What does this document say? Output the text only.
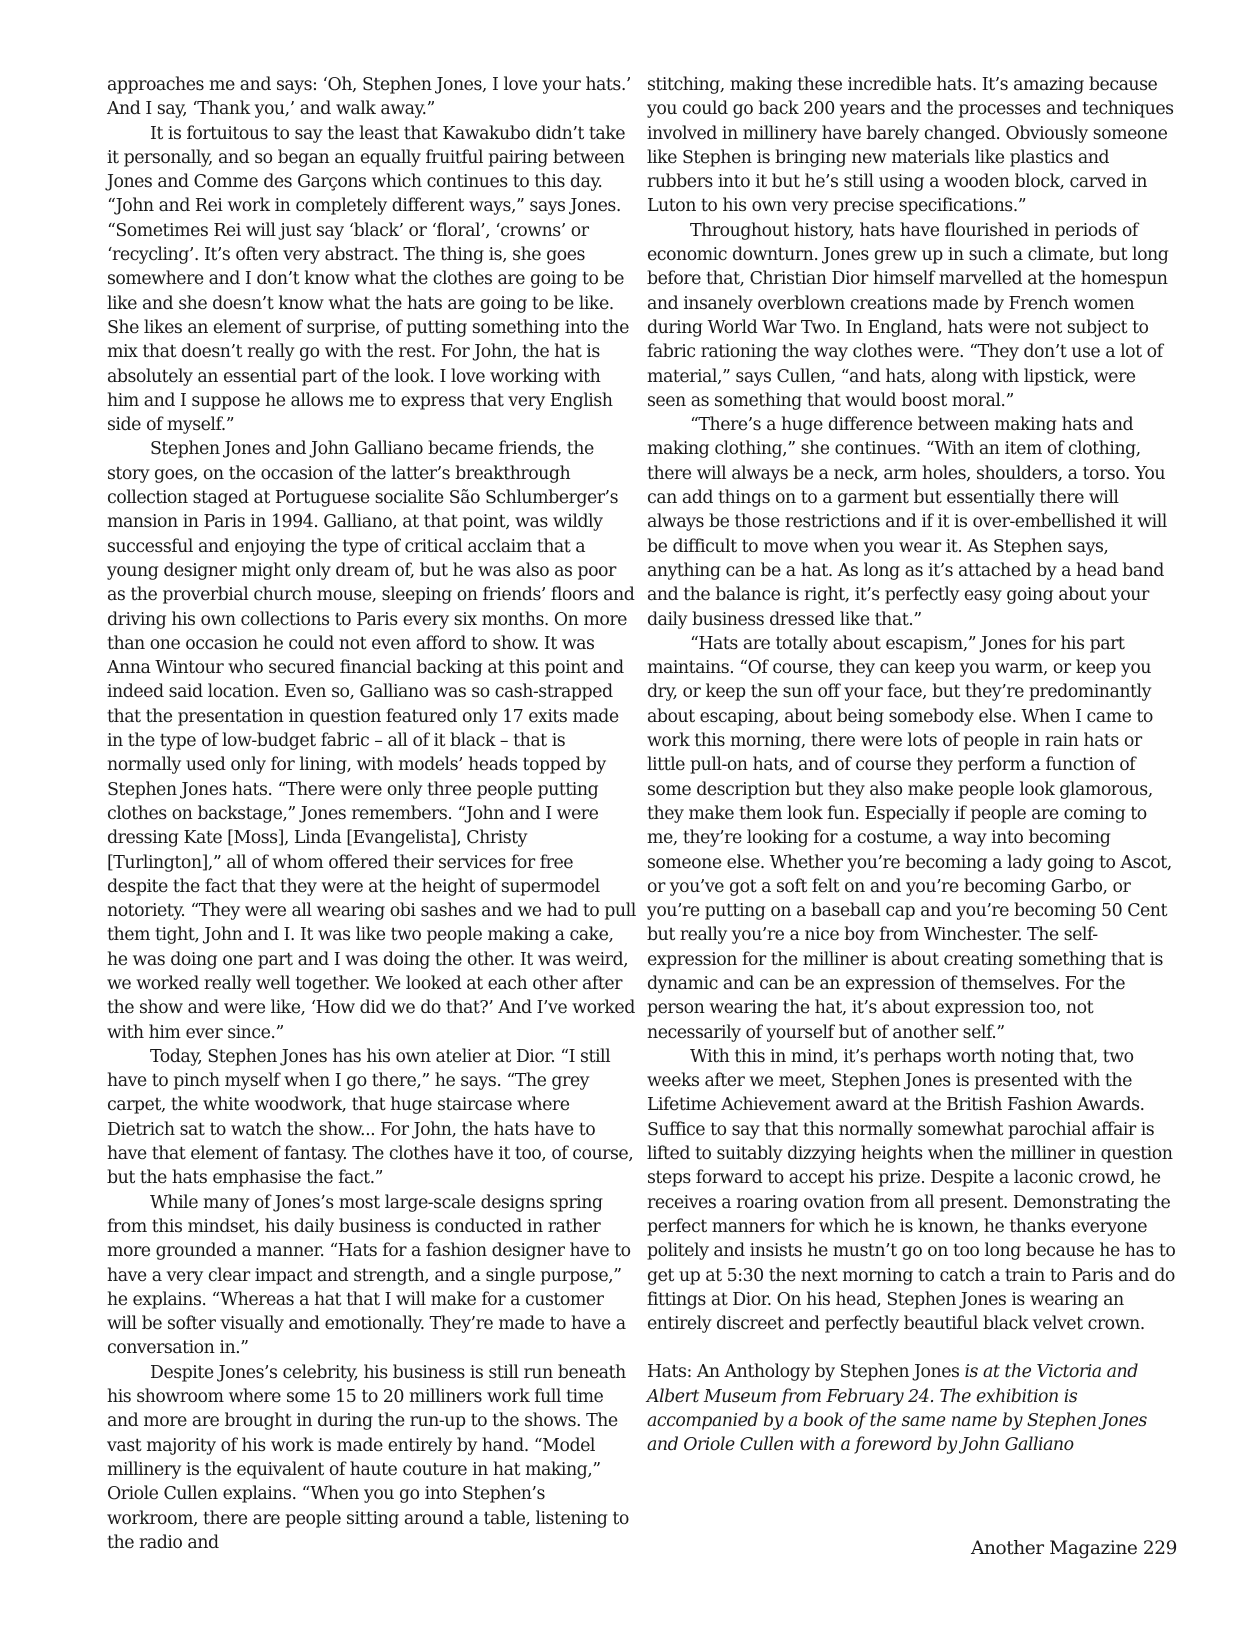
approaches me and says: ‘Oh, Stephen Jones, I love your hats.’ And I say, ‘Thank you,’ and walk away.”

It is fortuitous to say the least that Kawakubo didn’t take it personally, and so began an equally fruitful pairing between Jones and Comme des Garçons which continues to this day. “John and Rei work in completely different ways,” says Jones. “Sometimes Rei will just say ‘black’ or ‘floral’, ‘crowns’ or ‘recycling’. It’s often very abstract. The thing is, she goes somewhere and I don’t know what the clothes are going to be like and she doesn’t know what the hats are going to be like. She likes an element of surprise, of putting something into the mix that doesn’t really go with the rest. For John, the hat is absolutely an essential part of the look. I love working with him and I suppose he allows me to express that very English side of myself.”

Stephen Jones and John Galliano became friends, the story goes, on the occasion of the latter’s breakthrough collection staged at Portuguese socialite São Schlumberger’s mansion in Paris in 1994. Galliano, at that point, was wildly successful and enjoying the type of critical acclaim that a young designer might only dream of, but he was also as poor as the proverbial church mouse, sleeping on friends’ floors and driving his own collections to Paris every six months. On more than one occasion he could not even afford to show. It was Anna Wintour who secured financial backing at this point and indeed said location. Even so, Galliano was so cash-strapped that the presentation in question featured only 17 exits made in the type of low-budget fabric – all of it black – that is normally used only for lining, with models’ heads topped by Stephen Jones hats. “There were only three people putting clothes on backstage,” Jones remembers. “John and I were dressing Kate [Moss], Linda [Evangelista], Christy [Turlington],” all of whom offered their services for free despite the fact that they were at the height of supermodel notoriety. “They were all wearing obi sashes and we had to pull them tight, John and I. It was like two people making a cake, he was doing one part and I was doing the other. It was weird, we worked really well together. We looked at each other after the show and were like, ‘How did we do that?’ And I’ve worked with him ever since.”

Today, Stephen Jones has his own atelier at Dior. “I still have to pinch myself when I go there,” he says. “The grey carpet, the white woodwork, that huge staircase where Dietrich sat to watch the show... For John, the hats have to have that element of fantasy. The clothes have it too, of course, but the hats emphasise the fact.”

While many of Jones’s most large-scale designs spring from this mindset, his daily business is conducted in rather more grounded a manner. “Hats for a fashion designer have to have a very clear impact and strength, and a single purpose,” he explains. “Whereas a hat that I will make for a customer will be softer visually and emotionally. They’re made to have a conversation in.”

Despite Jones’s celebrity, his business is still run beneath his showroom where some 15 to 20 milliners work full time and more are brought in during the run-up to the shows. The vast majority of his work is made entirely by hand. “Model millinery is the equivalent of haute couture in hat making,” Oriole Cullen explains. “When you go into Stephen’s workroom, there are people sitting around a table, listening to the radio and

stitching, making these incredible hats. It’s amazing because you could go back 200 years and the processes and techniques involved in millinery have barely changed. Obviously someone like Stephen is bringing new materials like plastics and rubbers into it but he’s still using a wooden block, carved in Luton to his own very precise specifications.”

Throughout history, hats have flourished in periods of economic downturn. Jones grew up in such a climate, but long before that, Christian Dior himself marvelled at the homespun and insanely overblown creations made by French women during World War Two. In England, hats were not subject to fabric rationing the way clothes were. “They don’t use a lot of material,” says Cullen, “and hats, along with lipstick, were seen as something that would boost moral.”

“There’s a huge difference between making hats and making clothing,” she continues. “With an item of clothing, there will always be a neck, arm holes, shoulders, a torso. You can add things on to a garment but essentially there will always be those restrictions and if it is over-embellished it will be difficult to move when you wear it. As Stephen says, anything can be a hat. As long as it’s attached by a head band and the balance is right, it’s perfectly easy going about your daily business dressed like that.”

“Hats are totally about escapism,” Jones for his part maintains. “Of course, they can keep you warm, or keep you dry, or keep the sun off your face, but they’re predominantly about escaping, about being somebody else. When I came to work this morning, there were lots of people in rain hats or little pull-on hats, and of course they perform a function of some description but they also make people look glamorous, they make them look fun. Especially if people are coming to me, they’re looking for a costume, a way into becoming someone else. Whether you’re becoming a lady going to Ascot, or you’ve got a soft felt on and you’re becoming Garbo, or you’re putting on a baseball cap and you’re becoming 50 Cent but really you’re a nice boy from Winchester. The self-expression for the milliner is about creating something that is dynamic and can be an expression of themselves. For the person wearing the hat, it’s about expression too, not necessarily of yourself but of another self.”

With this in mind, it’s perhaps worth noting that, two weeks after we meet, Stephen Jones is presented with the Lifetime Achievement award at the British Fashion Awards. Suffice to say that this normally somewhat parochial affair is lifted to suitably dizzying heights when the milliner in question steps forward to accept his prize. Despite a laconic crowd, he receives a roaring ovation from all present. Demonstrating the perfect manners for which he is known, he thanks everyone politely and insists he mustn’t go on too long because he has to get up at 5:30 the next morning to catch a train to Paris and do fittings at Dior. On his head, Stephen Jones is wearing an entirely discreet and perfectly beautiful black velvet crown.

Hats: An Anthology by Stephen Jones is at the Victoria and Albert Museum from February 24. The exhibition is accompanied by a book of the same name by Stephen Jones and Oriole Cullen with a foreword by John Galliano

Another Magazine 229
